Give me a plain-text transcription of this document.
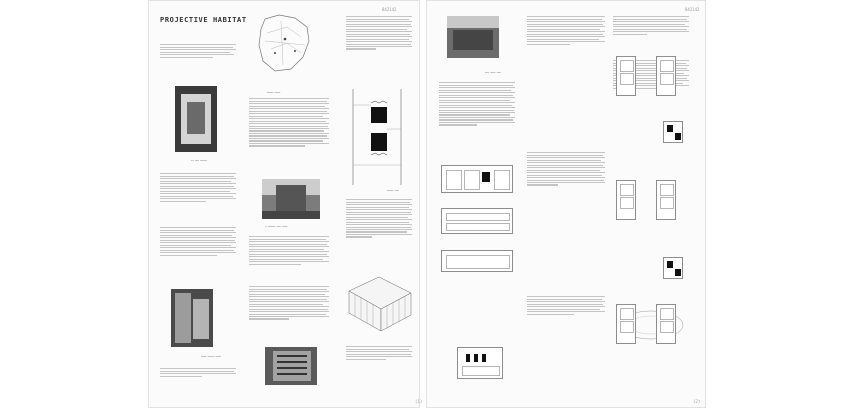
842142
PROJECTIVE HABITAT
▬▬▬▬▬ ▬▬▬▬
▬▬ ▬▬▬ ▬▬▬▬▬
▬▬▬▬ ▬▬▬▬▬ ▬▬▬▬
▬ ▬▬▬▬▬▬ ▬▬▬ ▬▬▬▬
▬▬▬▬▬ ▬▬▬
(1)
842142
▬▬▬ ▬▬▬▬ ▬▬▬
(2)
